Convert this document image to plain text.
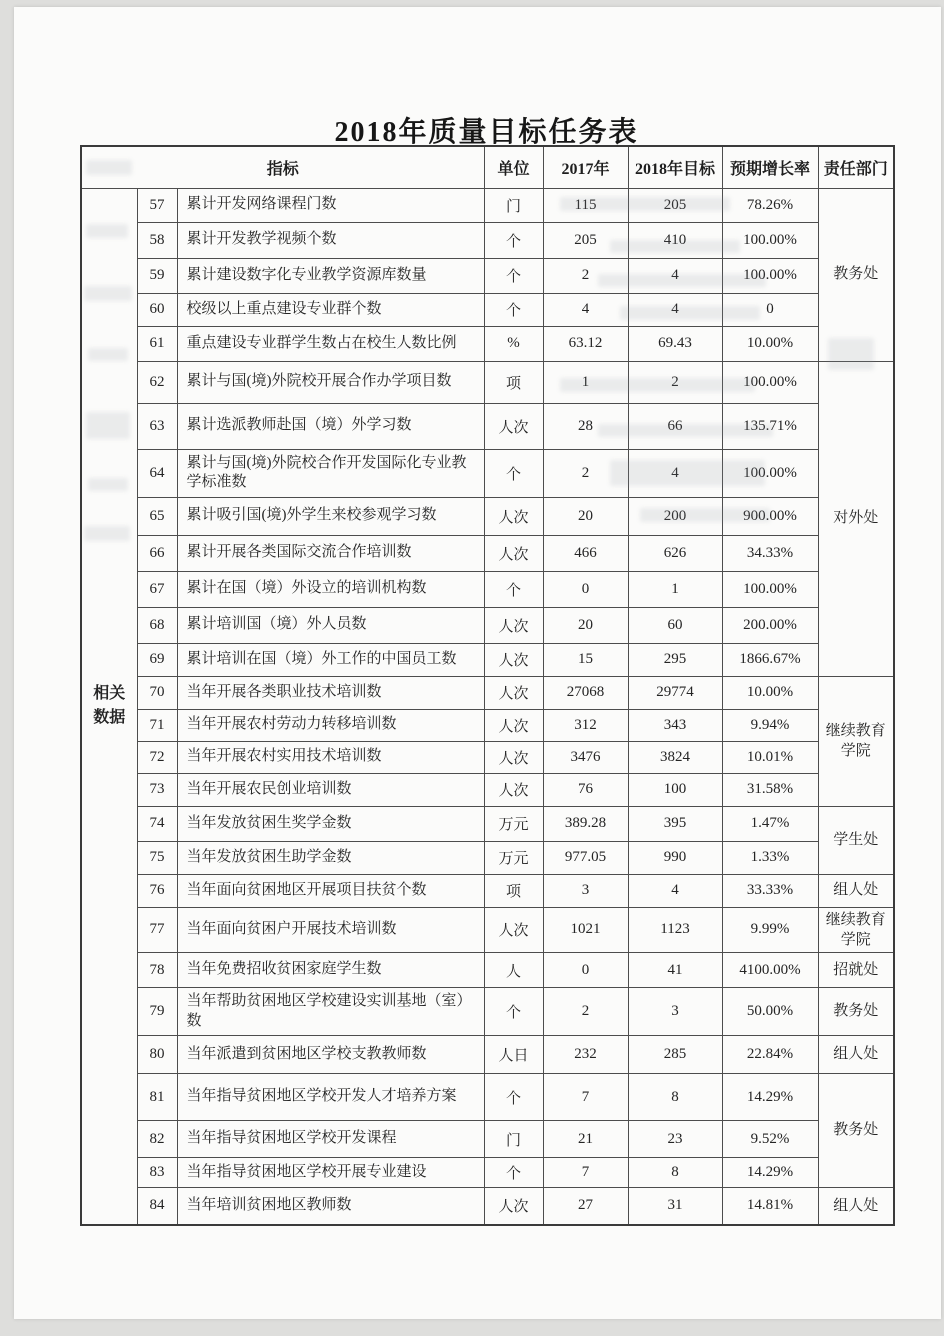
2018年质量目标任务表
指标			单位	2017年	2018年目标	预期增长率	责任部门
相关数据	57	累计开发网络课程门数	门	115	205	78.26%	教务处
	58	累计开发教学视频个数	个	205	410	100.00%	
	59	累计建设数字化专业教学资源库数量	个	2	4	100.00%	
	60	校级以上重点建设专业群个数	个	4	4	0	
	61	重点建设专业群学生数占在校生人数比例	%	63.12	69.43	10.00%	
	62	累计与国(境)外院校开展合作办学项目数	项	1	2	100.00%	对外处
	63	累计选派教师赴国（境）外学习数	人次	28	66	135.71%	
	64	累计与国(境)外院校合作开发国际化专业教学标准数	个	2	4	100.00%	
	65	累计吸引国(境)外学生来校参观学习数	人次	20	200	900.00%	
	66	累计开展各类国际交流合作培训数	人次	466	626	34.33%	
	67	累计在国（境）外设立的培训机构数	个	0	1	100.00%	
	68	累计培训国（境）外人员数	人次	20	60	200.00%	
	69	累计培训在国（境）外工作的中国员工数	人次	15	295	1866.67%	
	70	当年开展各类职业技术培训数	人次	27068	29774	10.00%	继续教育学院
	71	当年开展农村劳动力转移培训数	人次	312	343	9.94%	
	72	当年开展农村实用技术培训数	人次	3476	3824	10.01%	
	73	当年开展农民创业培训数	人次	76	100	31.58%	
	74	当年发放贫困生奖学金数	万元	389.28	395	1.47%	学生处
	75	当年发放贫困生助学金数	万元	977.05	990	1.33%	
	76	当年面向贫困地区开展项目扶贫个数	项	3	4	33.33%	组人处
	77	当年面向贫困户开展技术培训数	人次	1021	1123	9.99%	继续教育学院
	78	当年免费招收贫困家庭学生数	人	0	41	4100.00%	招就处
	79	当年帮助贫困地区学校建设实训基地（室）数	个	2	3	50.00%	教务处
	80	当年派遣到贫困地区学校支教教师数	人日	232	285	22.84%	组人处
	81	当年指导贫困地区学校开发人才培养方案	个	7	8	14.29%	教务处
	82	当年指导贫困地区学校开发课程	门	21	23	9.52%	
	83	当年指导贫困地区学校开展专业建设	个	7	8	14.29%	
	84	当年培训贫困地区教师数	人次	27	31	14.81%	组人处
